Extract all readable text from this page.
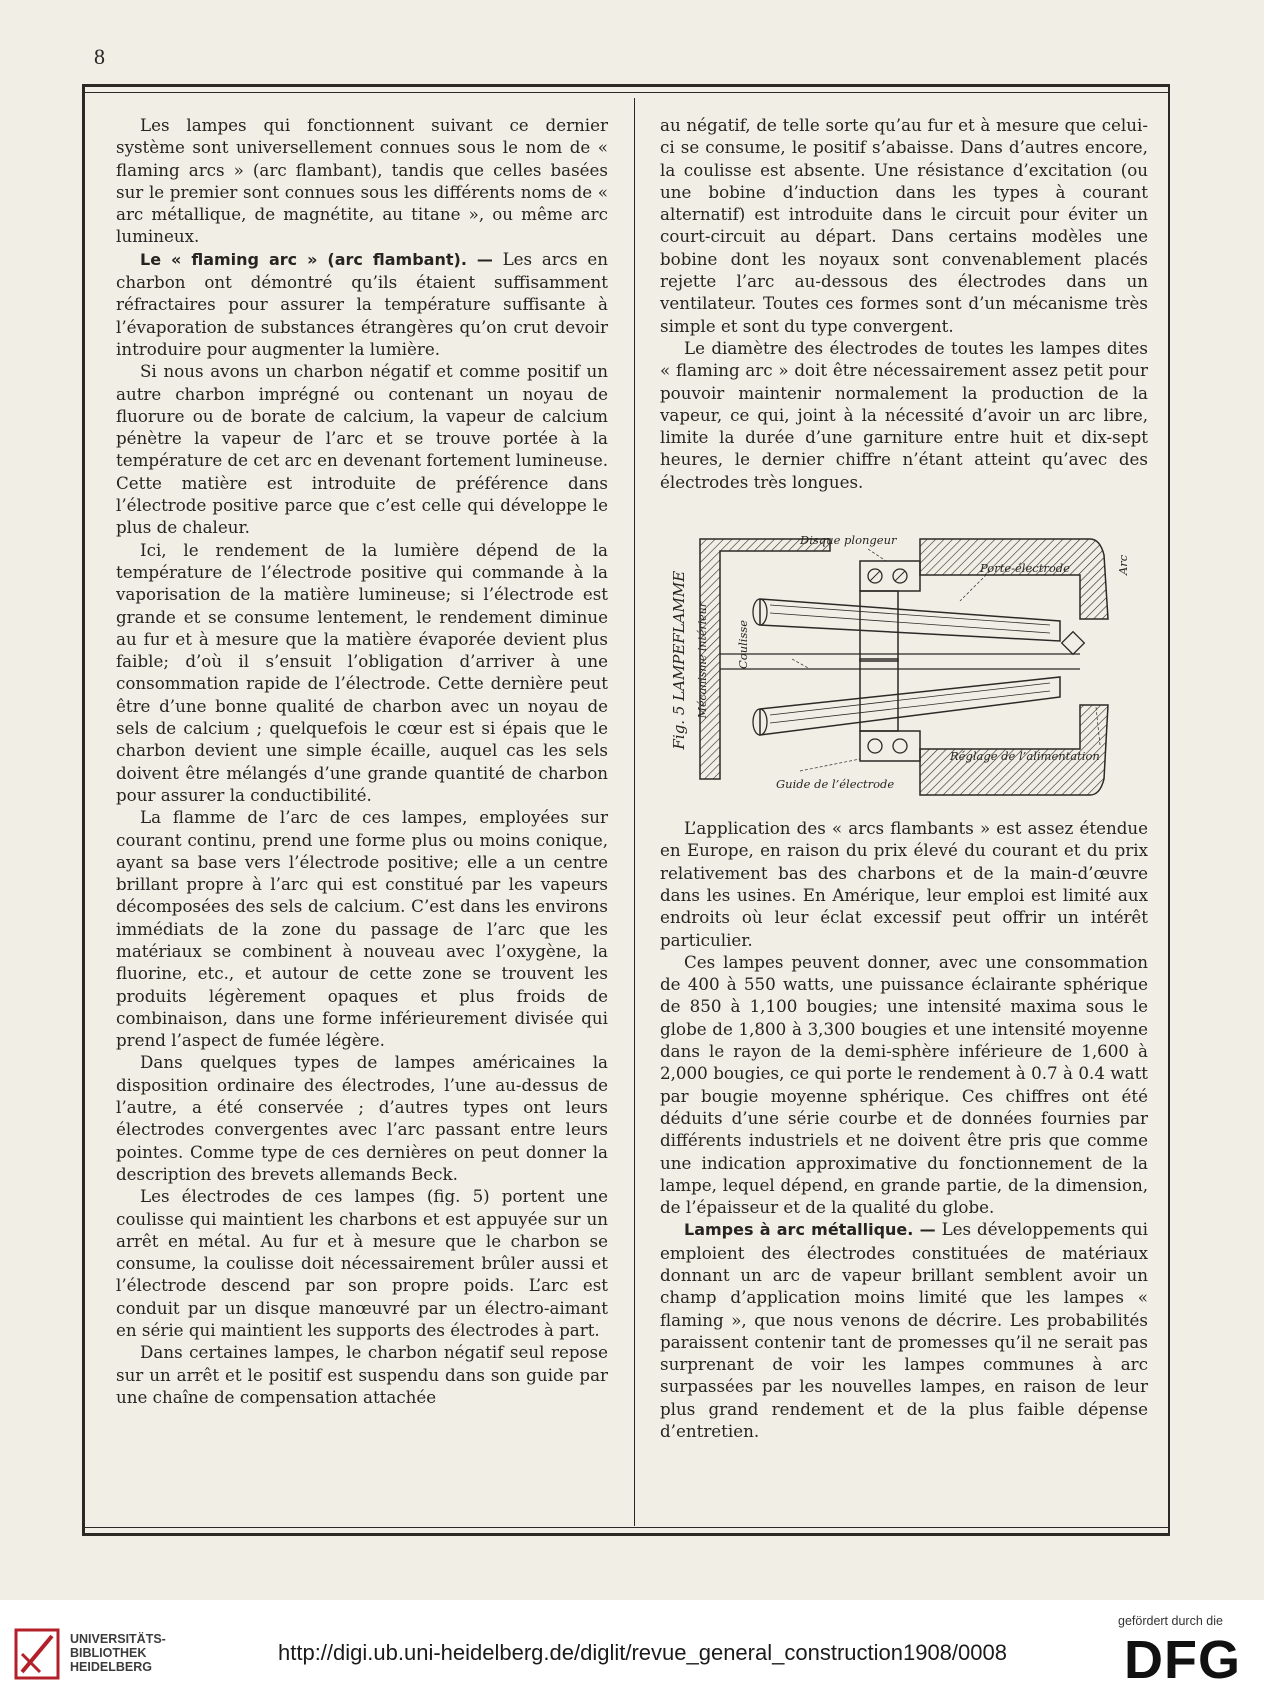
8

Les lampes qui fonctionnent suivant ce dernier système sont universellement connues sous le nom de « flaming arcs » (arc flambant), tandis que celles basées sur le premier sont connues sous les différents noms de « arc métallique, de magnétite, au titane », ou même arc lumineux.

Le « flaming arc » (arc flambant). — Les arcs en charbon ont démontré qu’ils étaient suffisamment réfractaires pour assurer la température suffisante à l’évaporation de substances étrangères qu’on crut devoir introduire pour augmenter la lumière.

Si nous avons un charbon négatif et comme positif un autre charbon imprégné ou contenant un noyau de fluorure ou de borate de calcium, la vapeur de calcium pénètre la vapeur de l’arc et se trouve portée à la température de cet arc en devenant fortement lumineuse. Cette matière est introduite de préférence dans l’électrode positive parce que c’est celle qui développe le plus de chaleur.

Ici, le rendement de la lumière dépend de la température de l’électrode positive qui commande à la vaporisation de la matière lumineuse; si l’électrode est grande et se consume lentement, le rendement diminue au fur et à mesure que la matière évaporée devient plus faible; d’où il s’ensuit l’obligation d’arriver à une consommation rapide de l’électrode. Cette dernière peut être d’une bonne qualité de charbon avec un noyau de sels de calcium ; quelquefois le cœur est si épais que le charbon devient une simple écaille, auquel cas les sels doivent être mélangés d’une grande quantité de charbon pour assurer la conductibilité.

La flamme de l’arc de ces lampes, employées sur courant continu, prend une forme plus ou moins conique, ayant sa base vers l’électrode positive; elle a un centre brillant propre à l’arc qui est constitué par les vapeurs décomposées des sels de calcium. C’est dans les environs immédiats de la zone du passage de l’arc que les matériaux se combinent à nouveau avec l’oxygène, la fluorine, etc., et autour de cette zone se trouvent les produits légèrement opaques et plus froids de combinaison, dans une forme inférieurement divisée qui prend l’aspect de fumée légère.

Dans quelques types de lampes américaines la disposition ordinaire des électrodes, l’une au-dessus de l’autre, a été conservée ; d’autres types ont leurs électrodes convergentes avec l’arc passant entre leurs pointes. Comme type de ces dernières on peut donner la description des brevets allemands Beck.

Les électrodes de ces lampes (fig. 5) portent une coulisse qui maintient les charbons et est appuyée sur un arrêt en métal. Au fur et à mesure que le charbon se consume, la coulisse doit nécessairement brûler aussi et l’électrode descend par son propre poids. L’arc est conduit par un disque manœuvré par un électro-aimant en série qui maintient les supports des électrodes à part.

Dans certaines lampes, le charbon négatif seul repose sur un arrêt et le positif est suspendu dans son guide par une chaîne de compensation attachée

au négatif, de telle sorte qu’au fur et à mesure que celui-ci se consume, le positif s’abaisse. Dans d’autres encore, la coulisse est absente. Une résistance d’excitation (ou une bobine d’induction dans les types à courant alternatif) est introduite dans le circuit pour éviter un court-circuit au départ. Dans certains modèles une bobine dont les noyaux sont convenablement placés rejette l’arc au-dessous des électrodes dans un ventilateur. Toutes ces formes sont d’un mécanisme très simple et sont du type convergent.

Le diamètre des électrodes de toutes les lampes dites « flaming arc » doit être nécessairement assez petit pour pouvoir maintenir normalement la production de la vapeur, ce qui, joint à la nécessité d’avoir un arc libre, limite la durée d’une garniture entre huit et dix-sept heures, le dernier chiffre n’étant atteint qu’avec des électrodes très longues.

Fig. 5 LAMPEFLAMME Mécanisme intérieur
Disque plongeur
Porte-électrode	Arc
Coulisse
Réglage de l’alimentation
Guide de l’électrode

L’application des « arcs flambants » est assez étendue en Europe, en raison du prix élevé du courant et du prix relativement bas des charbons et de la main-d’œuvre dans les usines. En Amérique, leur emploi est limité aux endroits où leur éclat excessif peut offrir un intérêt particulier.

Ces lampes peuvent donner, avec une consommation de 400 à 550 watts, une puissance éclairante sphérique de 850 à 1,100 bougies; une intensité maxima sous le globe de 1,800 à 3,300 bougies et une intensité moyenne dans le rayon de la demi-sphère inférieure de 1,600 à 2,000 bougies, ce qui porte le rendement à 0.7 à 0.4 watt par bougie moyenne sphérique. Ces chiffres ont été déduits d’une série courbe et de données fournies par différents industriels et ne doivent être pris que comme une indication approximative du fonctionnement de la lampe, lequel dépend, en grande partie, de la dimension, de l’épaisseur et de la qualité du globe.

Lampes à arc métallique. — Les développements qui emploient des électrodes constituées de matériaux donnant un arc de vapeur brillant semblent avoir un champ d’application moins limité que les lampes « flaming », que nous venons de décrire. Les probabilités paraissent contenir tant de promesses qu’il ne serait pas surprenant de voir les lampes communes à arc surpassées par les nouvelles lampes, en raison de leur plus grand rendement et de la plus faible dépense d’entretien.

UNIVERSITÄTS-
BIBLIOTHEK
HEIDELBERG
http://digi.ub.uni-heidelberg.de/diglit/revue_general_construction1908/0008
gefördert durch die
DFG
